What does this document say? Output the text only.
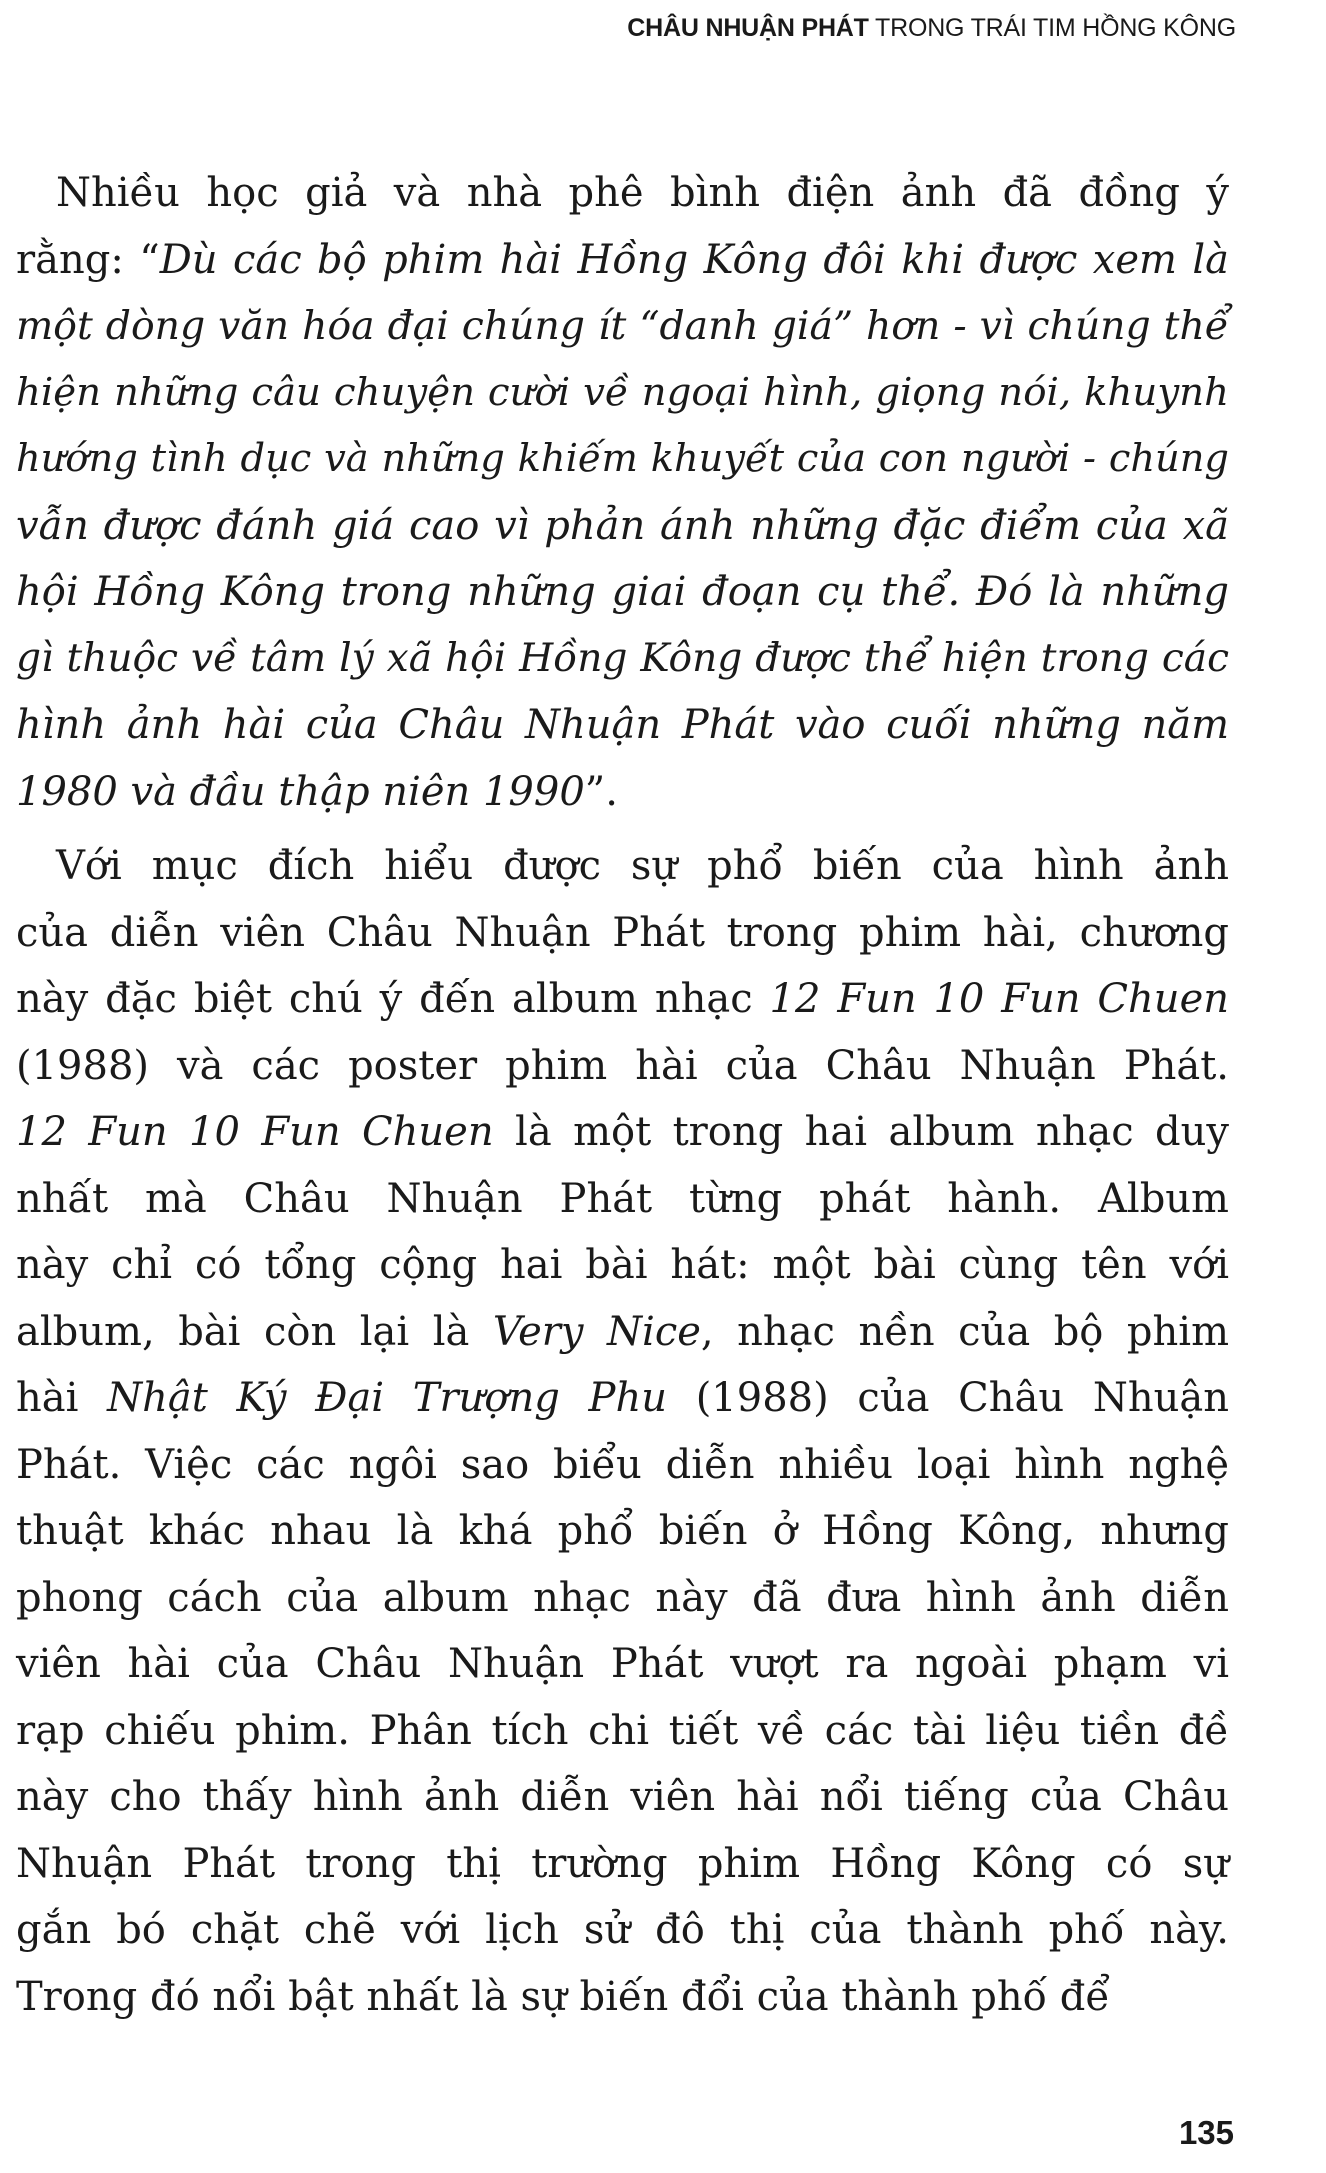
CHÂU NHUẬN PHÁT TRONG TRÁI TIM HỒNG KÔNG
Nhiều học giả và nhà phê bình điện ảnh đã đồng ý
rằng: “Dù các bộ phim hài Hồng Kông đôi khi được xem là
một dòng văn hóa đại chúng ít “danh giá” hơn - vì chúng thể
hiện những câu chuyện cười về ngoại hình, giọng nói, khuynh
hướng tình dục và những khiếm khuyết của con người - chúng
vẫn được đánh giá cao vì phản ánh những đặc điểm của xã
hội Hồng Kông trong những giai đoạn cụ thể. Đó là những
gì thuộc về tâm lý xã hội Hồng Kông được thể hiện trong các
hình ảnh hài của Châu Nhuận Phát vào cuối những năm
1980 và đầu thập niên 1990”.
Với mục đích hiểu được sự phổ biến của hình ảnh
của diễn viên Châu Nhuận Phát trong phim hài, chương
này đặc biệt chú ý đến album nhạc 12 Fun 10 Fun Chuen
(1988) và các poster phim hài của Châu Nhuận Phát.
12 Fun 10 Fun Chuen là một trong hai album nhạc duy
nhất mà Châu Nhuận Phát từng phát hành. Album
này chỉ có tổng cộng hai bài hát: một bài cùng tên với
album, bài còn lại là Very Nice, nhạc nền của bộ phim
hài Nhật Ký Đại Trượng Phu (1988) của Châu Nhuận
Phát. Việc các ngôi sao biểu diễn nhiều loại hình nghệ
thuật khác nhau là khá phổ biến ở Hồng Kông, nhưng
phong cách của album nhạc này đã đưa hình ảnh diễn
viên hài của Châu Nhuận Phát vượt ra ngoài phạm vi
rạp chiếu phim. Phân tích chi tiết về các tài liệu tiền đề
này cho thấy hình ảnh diễn viên hài nổi tiếng của Châu
Nhuận Phát trong thị trường phim Hồng Kông có sự
gắn bó chặt chẽ với lịch sử đô thị của thành phố này.
Trong đó nổi bật nhất là sự biến đổi của thành phố để
135
